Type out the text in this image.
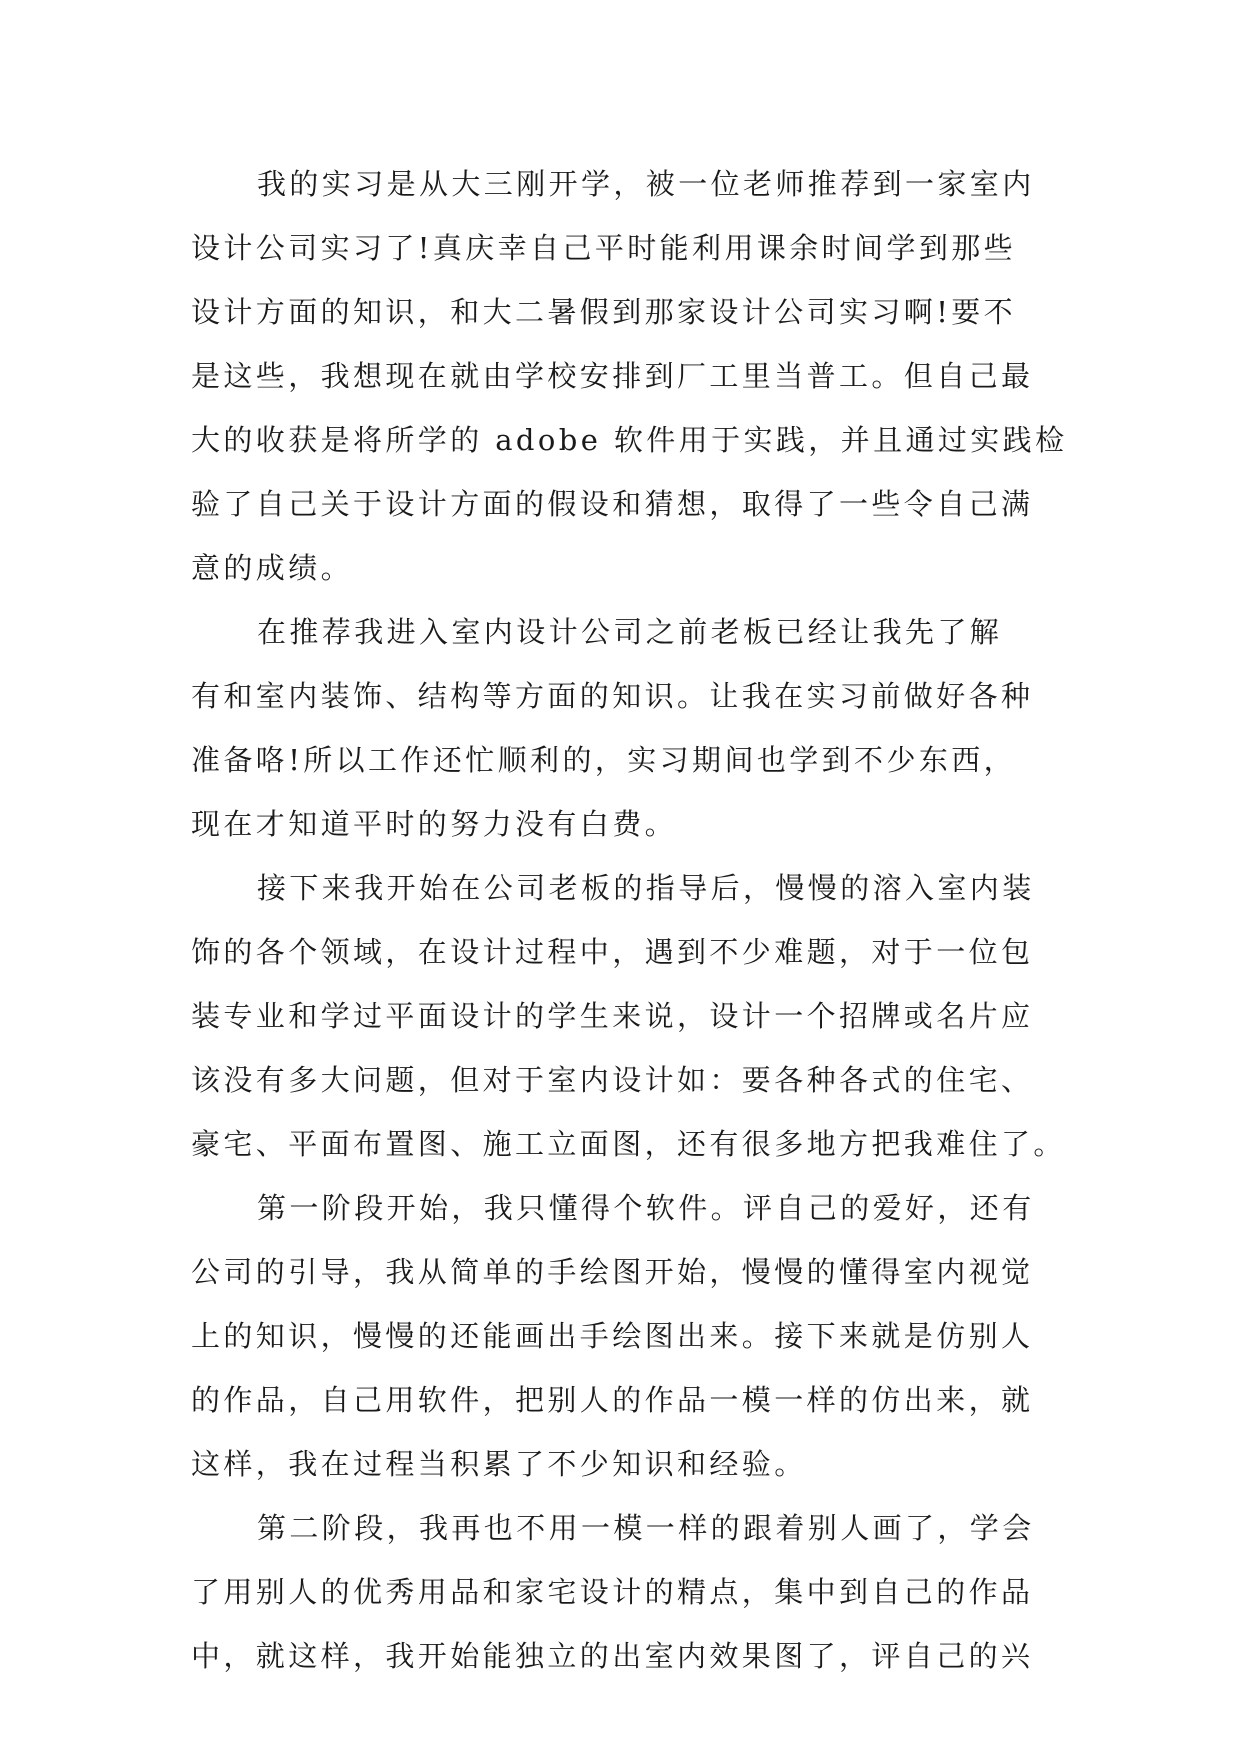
我的实习是从大三刚开学，被一位老师推荐到一家室内
设计公司实习了!真庆幸自己平时能利用课余时间学到那些
设计方面的知识，和大二暑假到那家设计公司实习啊!要不
是这些，我想现在就由学校安排到厂工里当普工。但自己最
大的收获是将所学的 adobe 软件用于实践，并且通过实践检
验了自己关于设计方面的假设和猜想，取得了一些令自己满
意的成绩。
在推荐我进入室内设计公司之前老板已经让我先了解
有和室内装饰、结构等方面的知识。让我在实习前做好各种
准备咯!所以工作还忙顺利的，实习期间也学到不少东西，
现在才知道平时的努力没有白费。
接下来我开始在公司老板的指导后，慢慢的溶入室内装
饰的各个领域，在设计过程中，遇到不少难题，对于一位包
装专业和学过平面设计的学生来说，设计一个招牌或名片应
该没有多大问题，但对于室内设计如：要各种各式的住宅、
豪宅、平面布置图、施工立面图，还有很多地方把我难住了。
第一阶段开始，我只懂得个软件。评自己的爱好，还有
公司的引导，我从简单的手绘图开始，慢慢的懂得室内视觉
上的知识，慢慢的还能画出手绘图出来。接下来就是仿别人
的作品，自己用软件，把别人的作品一模一样的仿出来，就
这样，我在过程当积累了不少知识和经验。
第二阶段，我再也不用一模一样的跟着别人画了，学会
了用别人的优秀用品和家宅设计的精点，集中到自己的作品
中，就这样，我开始能独立的出室内效果图了，评自己的兴
